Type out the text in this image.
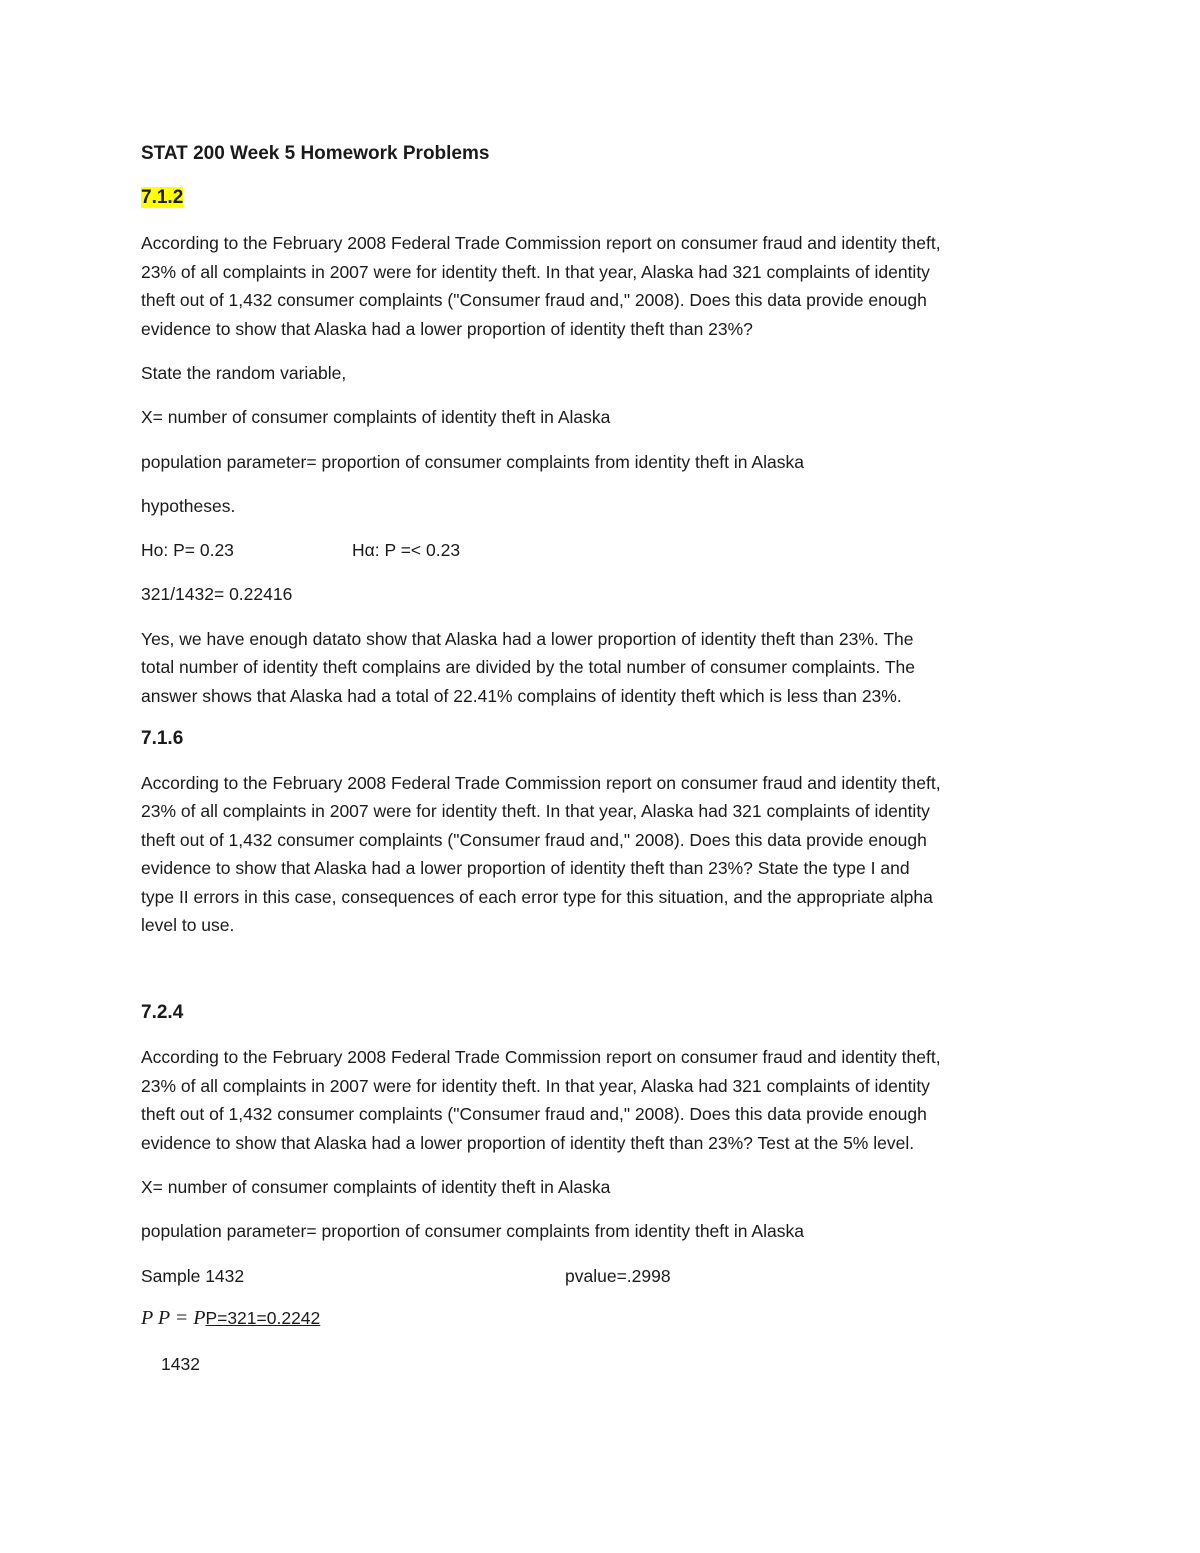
STAT 200 Week 5 Homework Problems

7.1.2

According to the February 2008 Federal Trade Commission report on consumer fraud and identity theft,

23% of all complaints in 2007 were for identity theft. In that year, Alaska had 321 complaints of identity

theft out of 1,432 consumer complaints ("Consumer fraud and," 2008). Does this data provide enough

evidence to show that Alaska had a lower proportion of identity theft than 23%?

State the random variable,

X= number of consumer complaints of identity theft in Alaska

population parameter= proportion of consumer complaints from identity theft in Alaska

hypotheses.

Ho: P= 0.23	Hα: P =< 0.23

321/1432= 0.22416

Yes, we have enough datato show that Alaska had a lower proportion of identity theft than 23%. The

total number of identity theft complains are divided by the total number of consumer complaints. The

answer shows that Alaska had a total of 22.41% complains of identity theft which is less than 23%.

7.1.6

According to the February 2008 Federal Trade Commission report on consumer fraud and identity theft,

23% of all complaints in 2007 were for identity theft. In that year, Alaska had 321 complaints of identity

theft out of 1,432 consumer complaints ("Consumer fraud and," 2008). Does this data provide enough

evidence to show that Alaska had a lower proportion of identity theft than 23%? State the type I and

type II errors in this case, consequences of each error type for this situation, and the appropriate alpha

level to use.

7.2.4

According to the February 2008 Federal Trade Commission report on consumer fraud and identity theft,

23% of all complaints in 2007 were for identity theft. In that year, Alaska had 321 complaints of identity

theft out of 1,432 consumer complaints ("Consumer fraud and," 2008). Does this data provide enough

evidence to show that Alaska had a lower proportion of identity theft than 23%? Test at the 5% level.

X= number of consumer complaints of identity theft in Alaska

population parameter= proportion of consumer complaints from identity theft in Alaska

Sample 1432	pvalue=.2998

P P = PP=321=0.2242

1432
